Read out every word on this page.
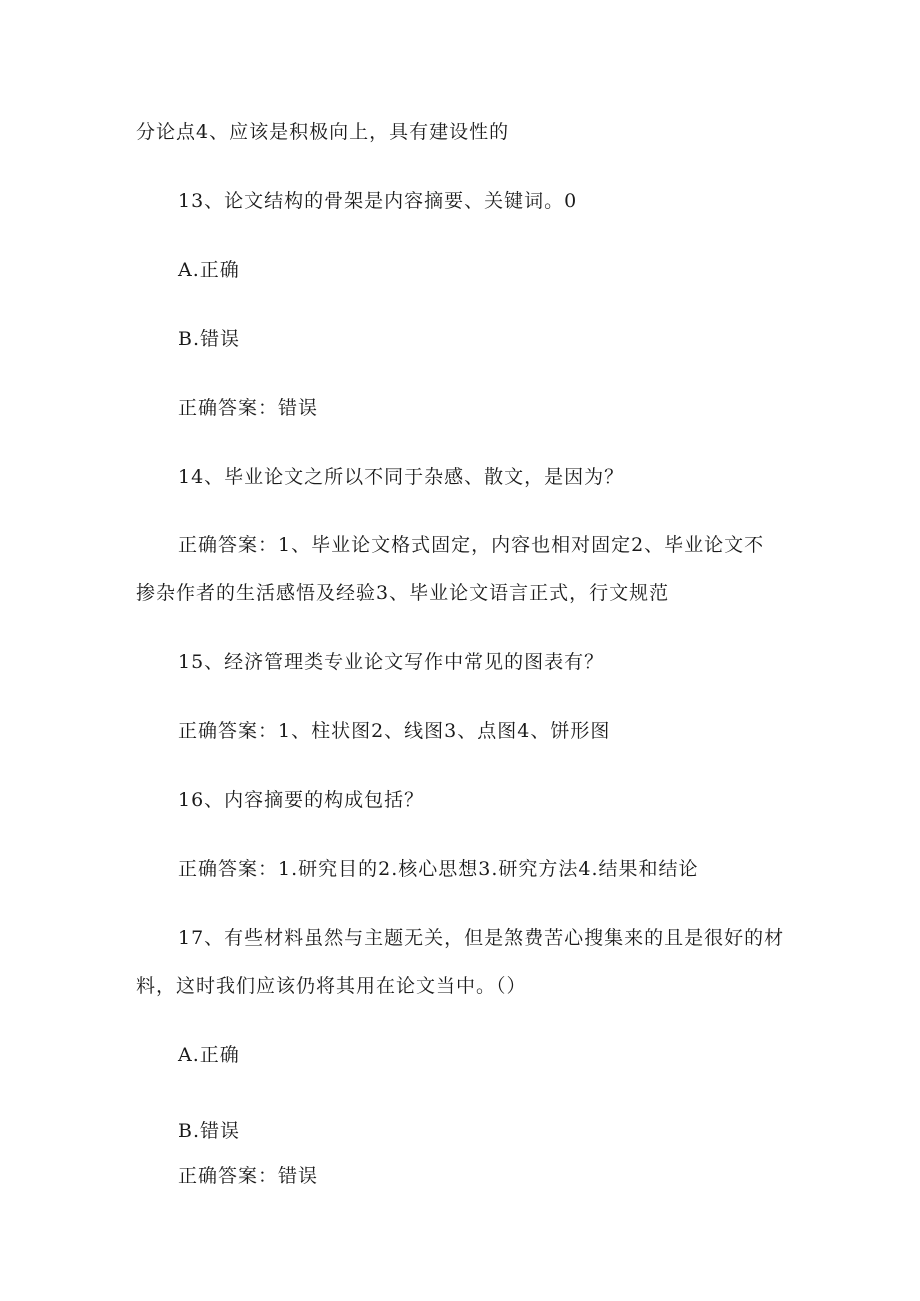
分论点4、应该是积极向上，具有建设性的
13、论文结构的骨架是内容摘要、关键词。0
A.正确
B.错误
正确答案：错误
14、毕业论文之所以不同于杂感、散文，是因为？
正确答案：1、毕业论文格式固定，内容也相对固定2、毕业论文不
掺杂作者的生活感悟及经验3、毕业论文语言正式，行文规范
15、经济管理类专业论文写作中常见的图表有？
正确答案：1、柱状图2、线图3、点图4、饼形图
16、内容摘要的构成包括？
正确答案：1.研究目的2.核心思想3.研究方法4.结果和结论
17、有些材料虽然与主题无关，但是煞费苦心搜集来的且是很好的材
料，这时我们应该仍将其用在论文当中。（）
A.正确
B.错误
正确答案：错误
